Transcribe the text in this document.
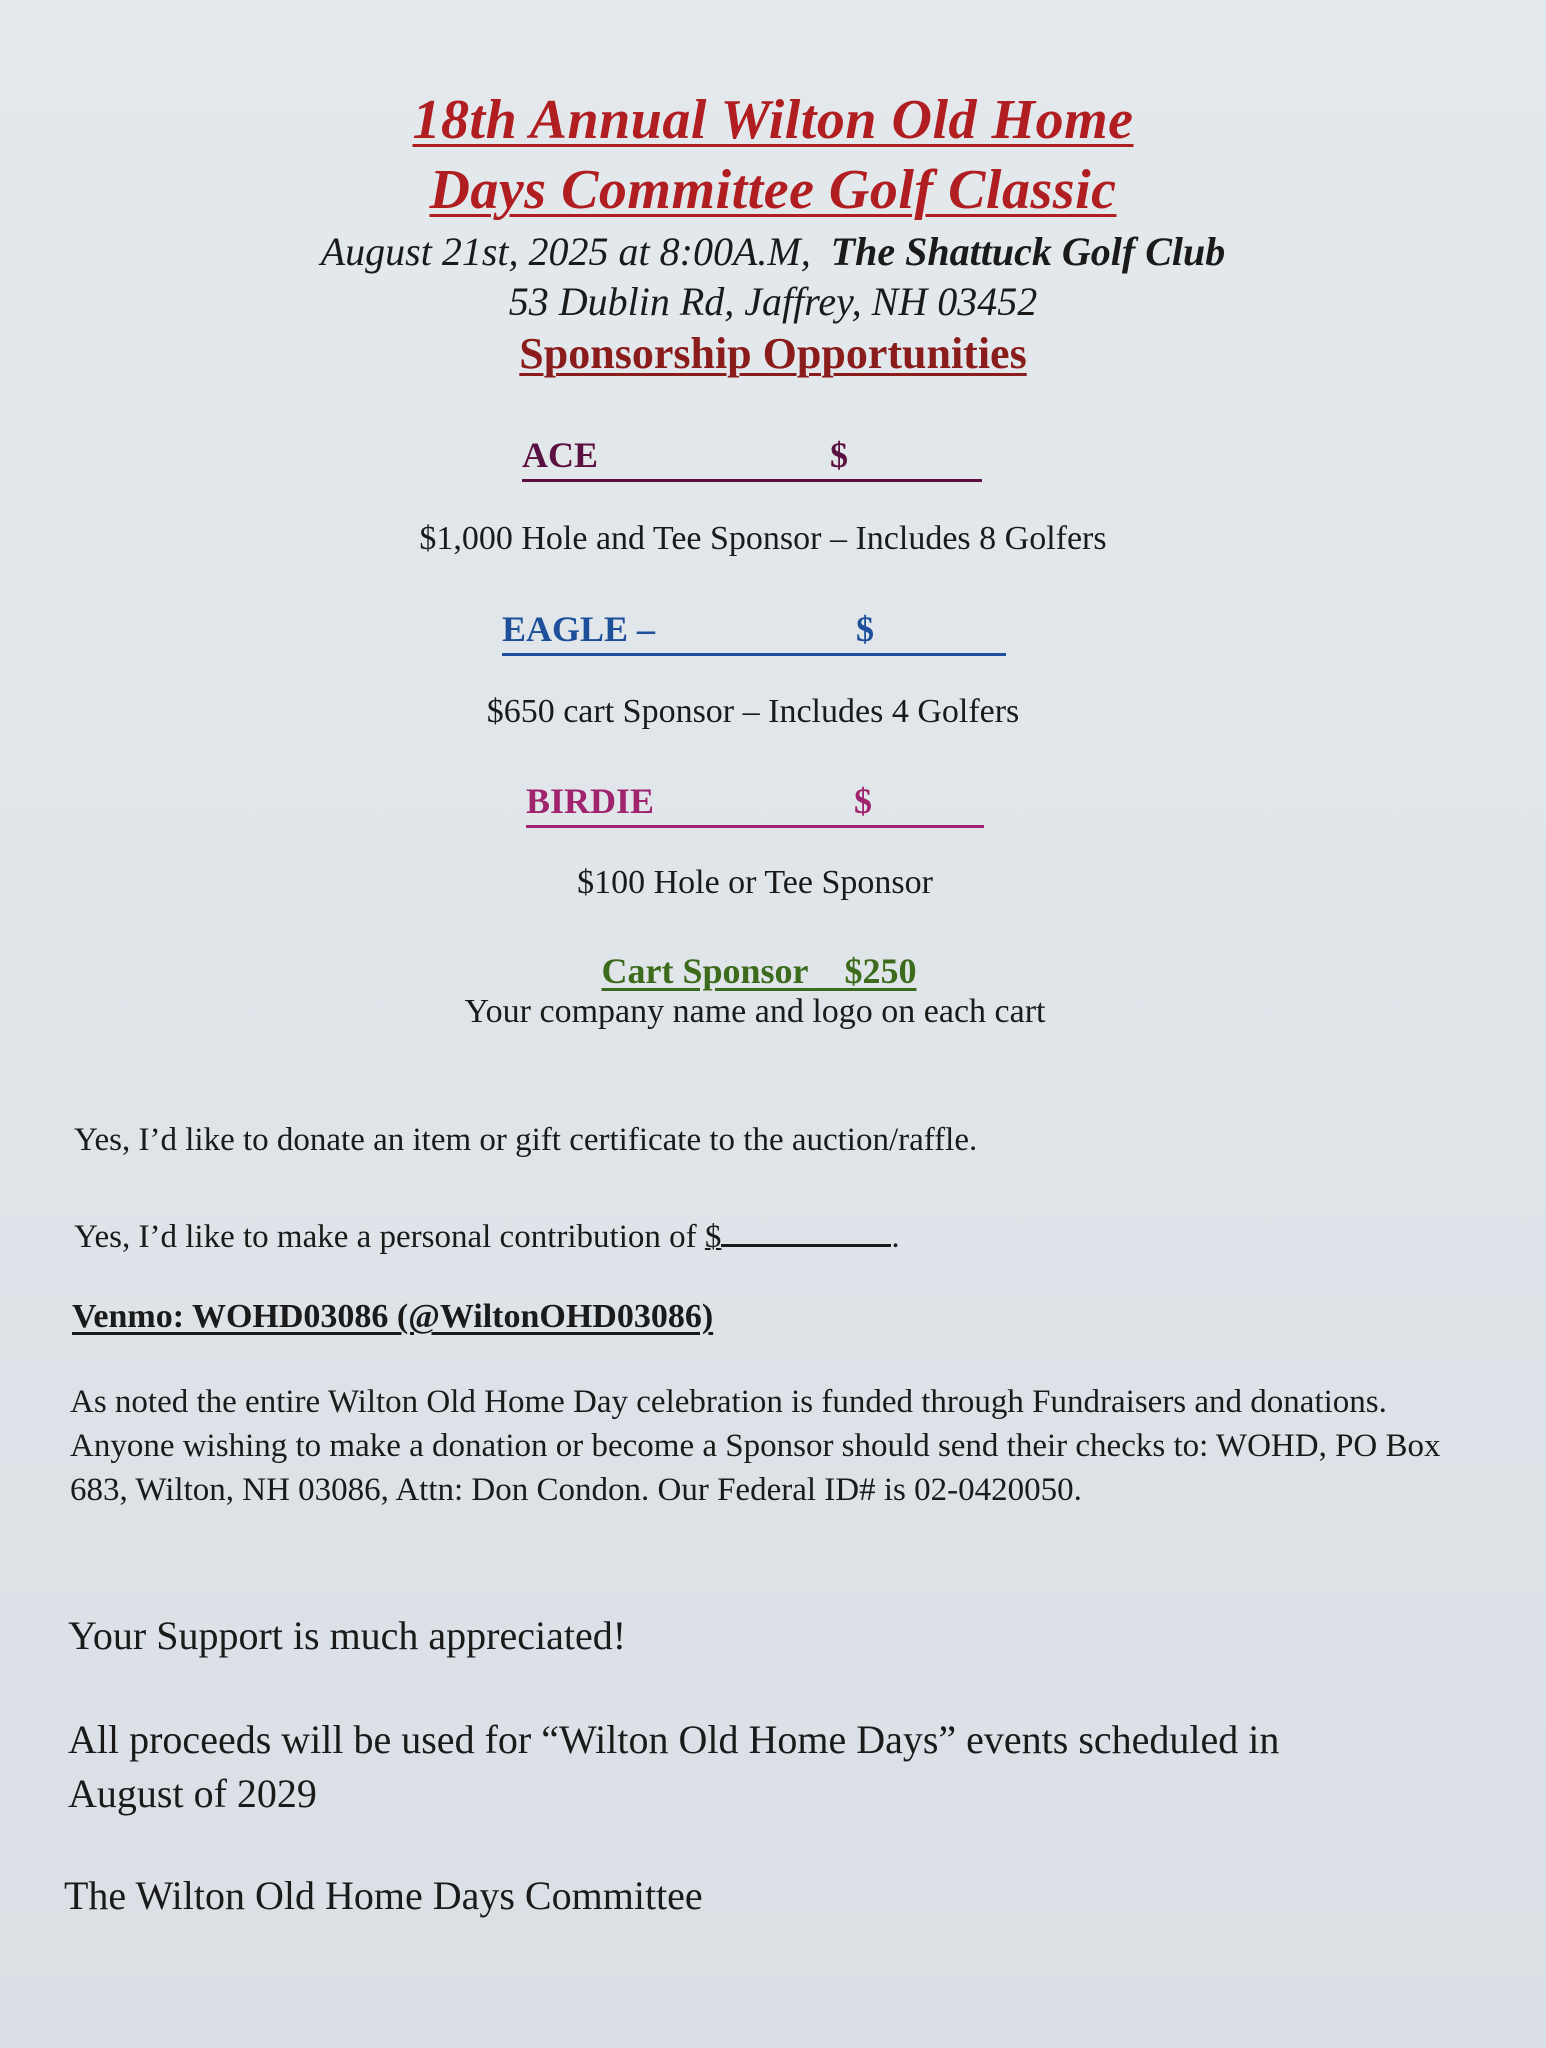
18th Annual Wilton Old Home
Days Committee Golf Classic
August 21st, 2025 at 8:00A.M, The Shattuck Golf Club
53 Dublin Rd, Jaffrey, NH 03452
Sponsorship Opportunities
ACE	$
$1,000 Hole and Tee Sponsor – Includes 8 Golfers
EAGLE –	$
$650 cart Sponsor – Includes 4 Golfers
BIRDIE	$
$100 Hole or Tee Sponsor
Cart Sponsor $250
Your company name and logo on each cart
Yes, I’d like to donate an item or gift certificate to the auction/raffle.
Yes, I’d like to make a personal contribution of $	.
Venmo: WOHD03086 (@WiltonOHD03086)
As noted the entire Wilton Old Home Day celebration is funded through Fundraisers and donations. Anyone wishing to make a donation or become a Sponsor should send their checks to: WOHD, PO Box 683, Wilton, NH 03086, Attn: Don Condon. Our Federal ID# is 02-0420050.
Your Support is much appreciated!
All proceeds will be used for “Wilton Old Home Days” events scheduled in
August of 2029
The Wilton Old Home Days Committee
